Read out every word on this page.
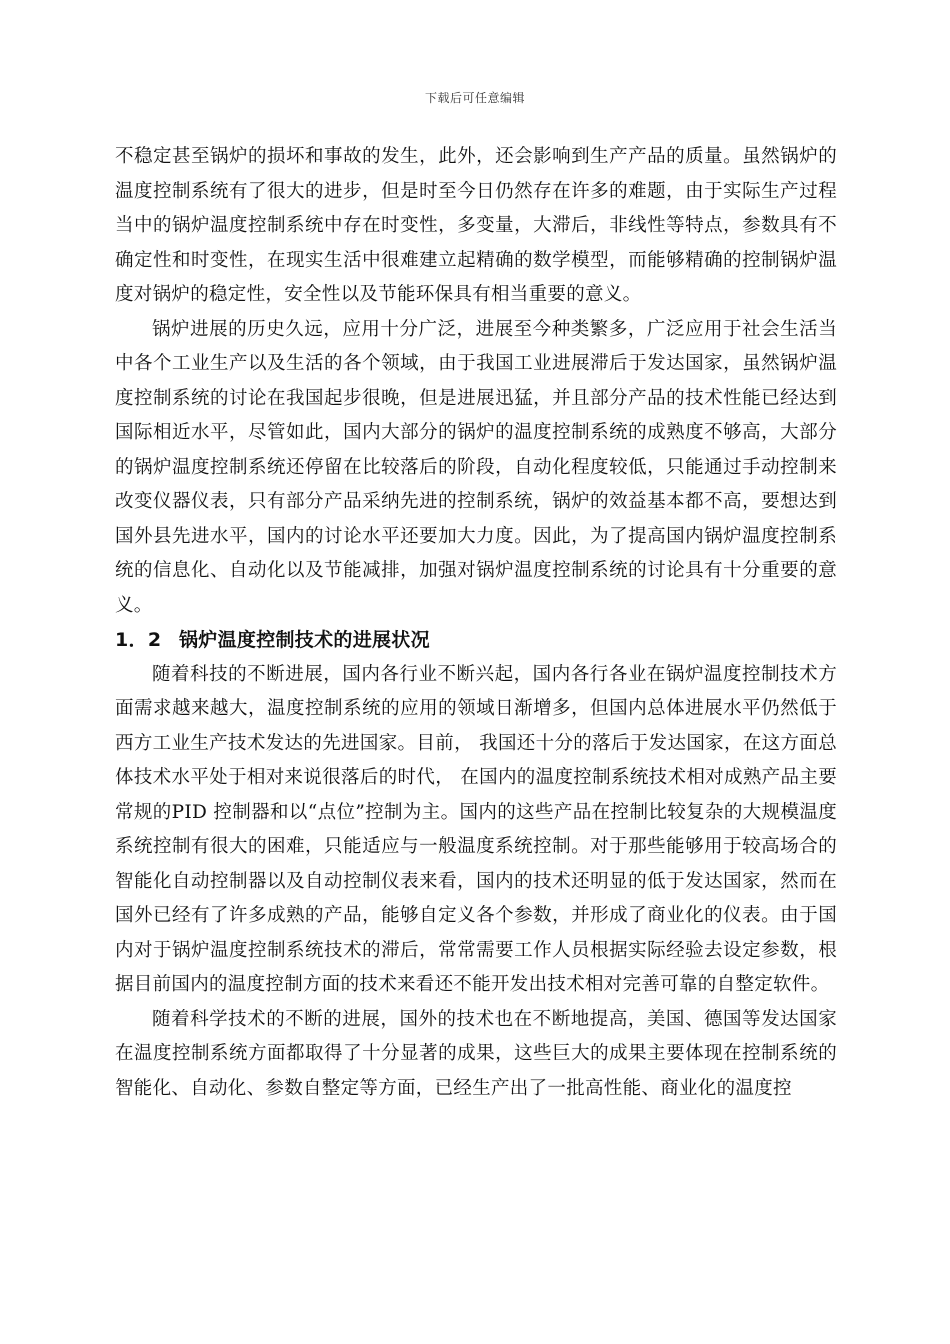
下载后可任意编辑

不稳定甚至锅炉的损坏和事故的发生，此外，还会影响到生产产品的质量。虽然锅炉的温度控制系统有了很大的进步，但是时至今日仍然存在许多的难题，由于实际生产过程当中的锅炉温度控制系统中存在时变性，多变量，大滞后，非线性等特点，参数具有不确定性和时变性，在现实生活中很难建立起精确的数学模型，而能够精确的控制锅炉温度对锅炉的稳定性，安全性以及节能环保具有相当重要的意义。

锅炉进展的历史久远，应用十分广泛，进展至今种类繁多，广泛应用于社会生活当中各个工业生产以及生活的各个领域，由于我国工业进展滞后于发达国家，虽然锅炉温度控制系统的讨论在我国起步很晚，但是进展迅猛，并且部分产品的技术性能已经达到国际相近水平，尽管如此，国内大部分的锅炉的温度控制系统的成熟度不够高，大部分的锅炉温度控制系统还停留在比较落后的阶段，自动化程度较低，只能通过手动控制来改变仪器仪表，只有部分产品采纳先进的控制系统，锅炉的效益基本都不高，要想达到国外县先进水平，国内的讨论水平还要加大力度。因此，为了提高国内锅炉温度控制系统的信息化、自动化以及节能减排，加强对锅炉温度控制系统的讨论具有十分重要的意义。

1．2 锅炉温度控制技术的进展状况

随着科技的不断进展，国内各行业不断兴起，国内各行各业在锅炉温度控制技术方面需求越来越大，温度控制系统的应用的领域日渐增多，但国内总体进展水平仍然低于西方工业生产技术发达的先进国家。目前， 我国还十分的落后于发达国家，在这方面总体技术水平处于相对来说很落后的时代， 在国内的温度控制系统技术相对成熟产品主要常规的PID 控制器和以“点位”控制为主。国内的这些产品在控制比较复杂的大规模温度系统控制有很大的困难，只能适应与一般温度系统控制。对于那些能够用于较高场合的智能化自动控制器以及自动控制仪表来看，国内的技术还明显的低于发达国家，然而在国外已经有了许多成熟的产品，能够自定义各个参数，并形成了商业化的仪表。由于国内对于锅炉温度控制系统技术的滞后，常常需要工作人员根据实际经验去设定参数，根据目前国内的温度控制方面的技术来看还不能开发出技术相对完善可靠的自整定软件。

随着科学技术的不断的进展，国外的技术也在不断地提高，美国、德国等发达国家在温度控制系统方面都取得了十分显著的成果，这些巨大的成果主要体现在控制系统的智能化、自动化、参数自整定等方面，已经生产出了一批高性能、商业化的温度控
